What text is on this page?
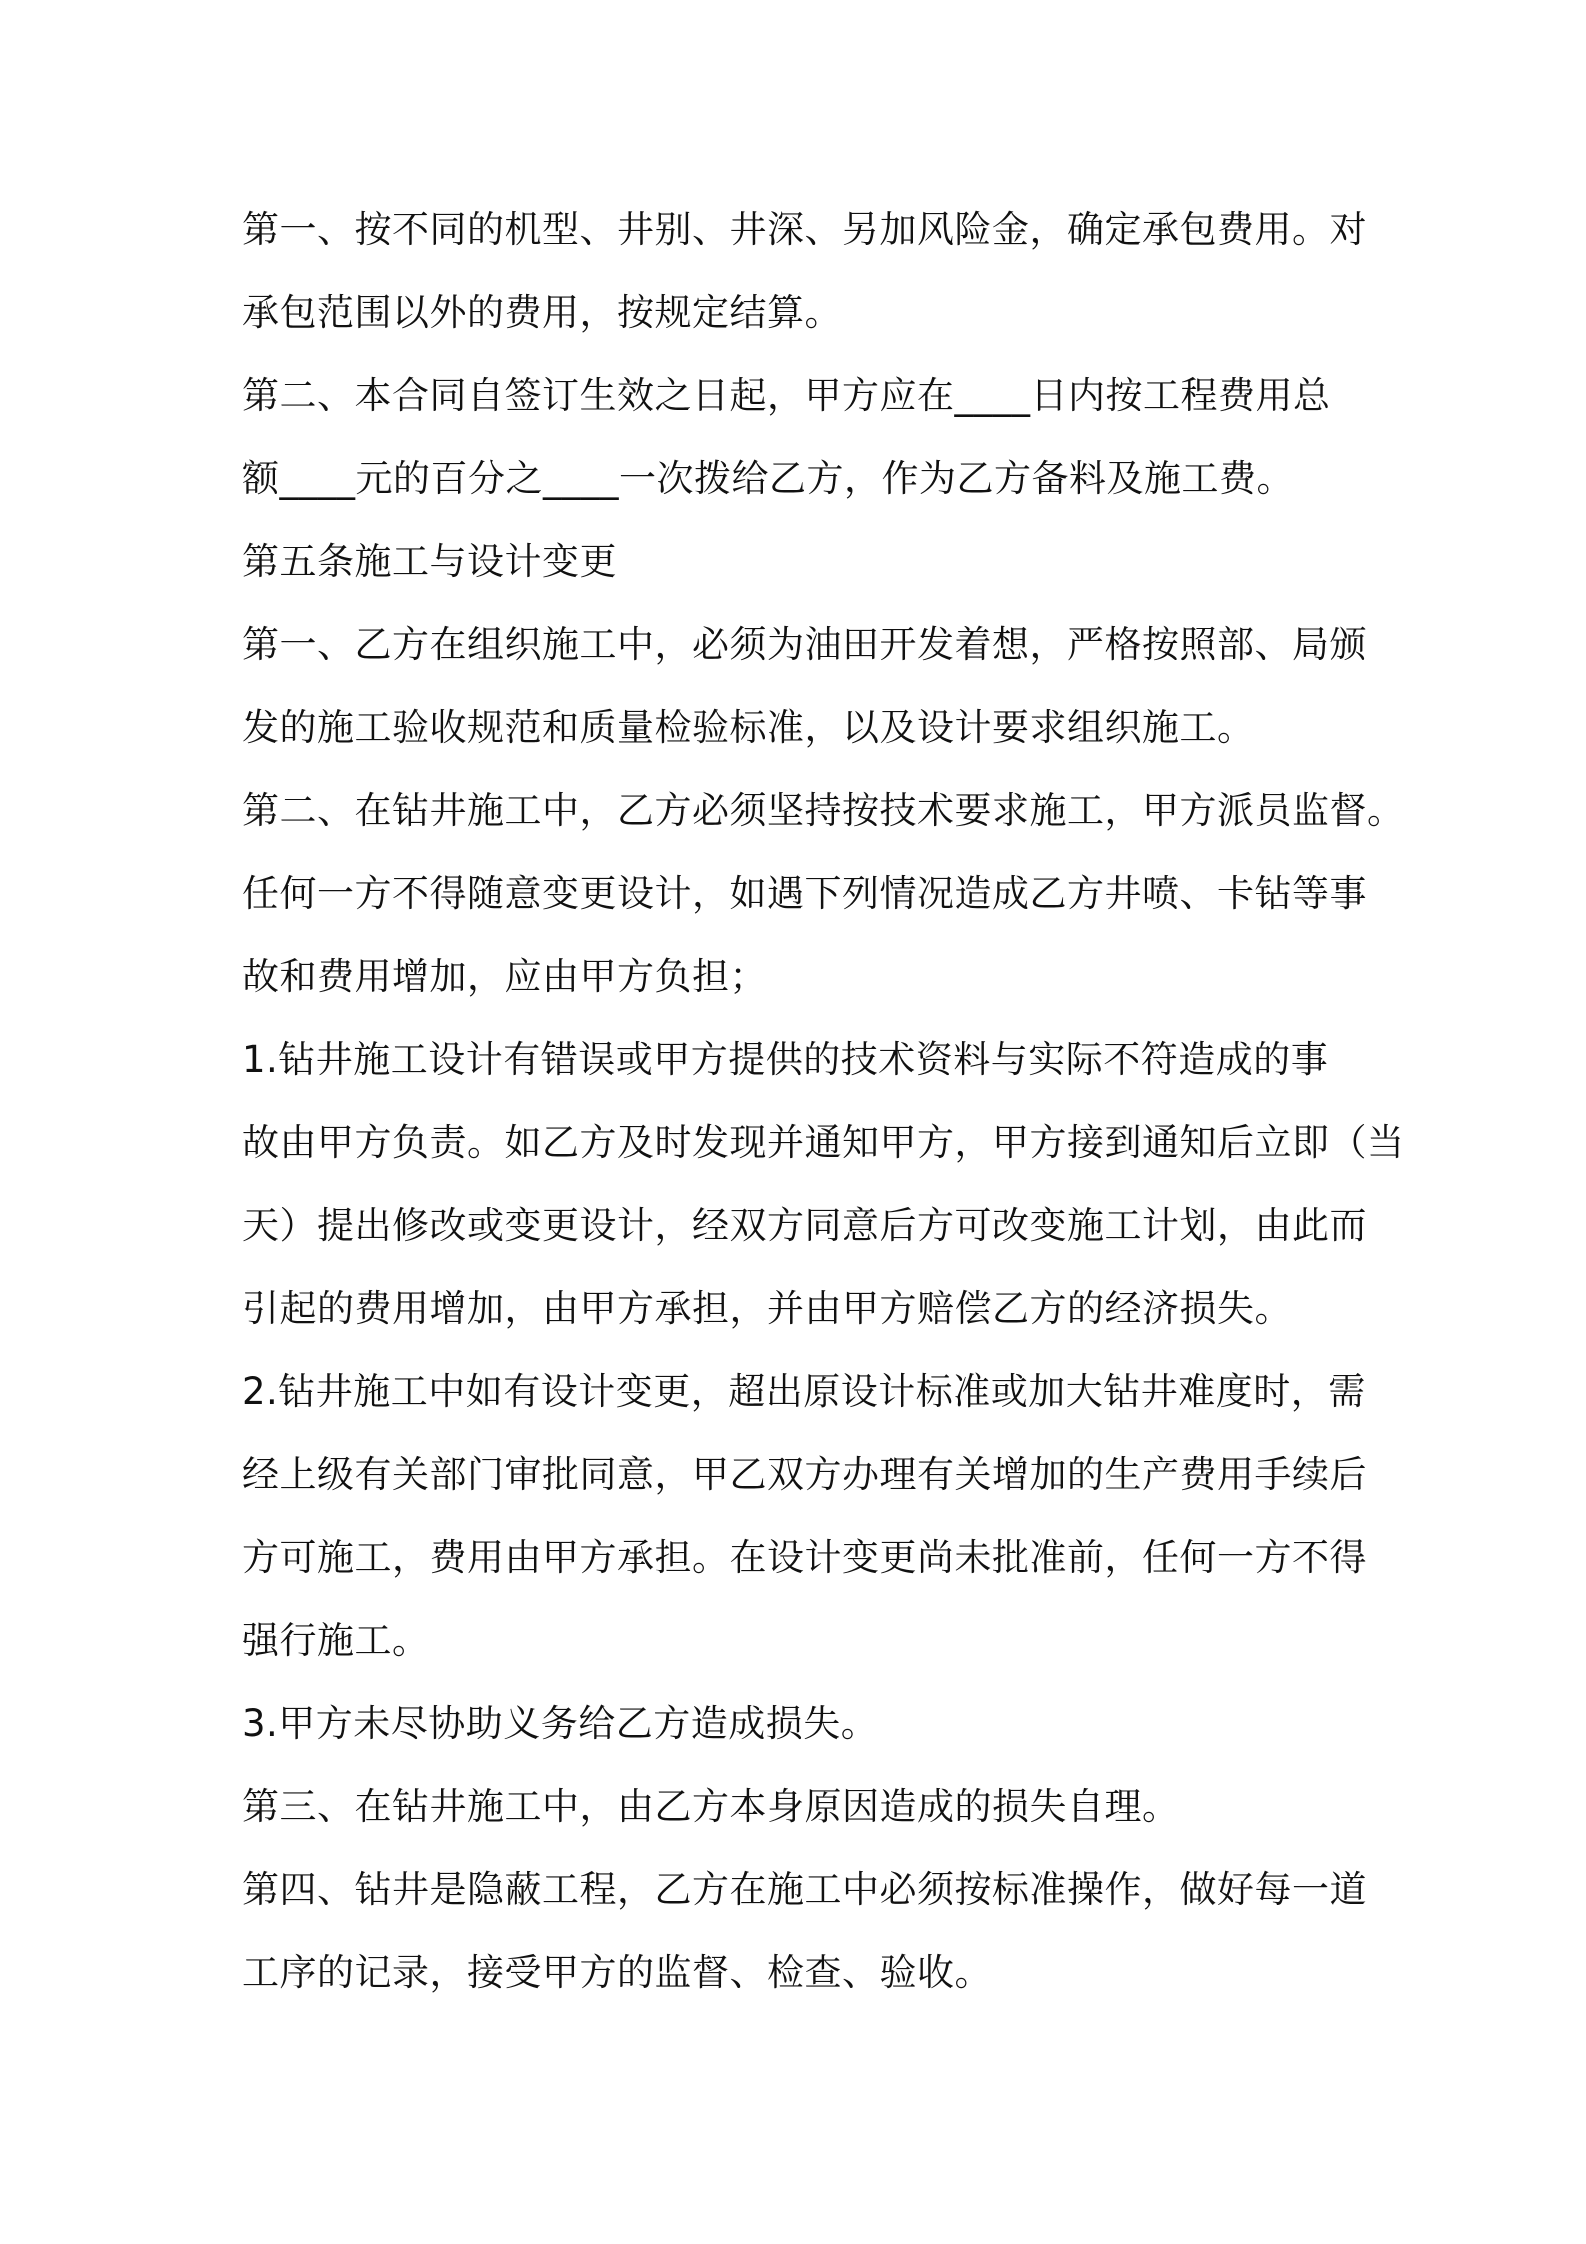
第一、按不同的机型、井别、井深、另加风险金，确定承包费用。对

承包范围以外的费用，按规定结算。

第二、本合同自签订生效之日起，甲方应在____日内按工程费用总

额____元的百分之____一次拨给乙方，作为乙方备料及施工费。

第五条施工与设计变更

第一、乙方在组织施工中，必须为油田开发着想，严格按照部、局颁

发的施工验收规范和质量检验标准，以及设计要求组织施工。

第二、在钻井施工中，乙方必须坚持按技术要求施工，甲方派员监督。

任何一方不得随意变更设计，如遇下列情况造成乙方井喷、卡钻等事

故和费用增加，应由甲方负担；

1.钻井施工设计有错误或甲方提供的技术资料与实际不符造成的事

故由甲方负责。如乙方及时发现并通知甲方，甲方接到通知后立即（当

天）提出修改或变更设计，经双方同意后方可改变施工计划，由此而

引起的费用增加，由甲方承担，并由甲方赔偿乙方的经济损失。

2.钻井施工中如有设计变更，超出原设计标准或加大钻井难度时，需

经上级有关部门审批同意，甲乙双方办理有关增加的生产费用手续后

方可施工，费用由甲方承担。在设计变更尚未批准前，任何一方不得

强行施工。

3.甲方未尽协助义务给乙方造成损失。

第三、在钻井施工中，由乙方本身原因造成的损失自理。

第四、钻井是隐蔽工程，乙方在施工中必须按标准操作，做好每一道

工序的记录，接受甲方的监督、检查、验收。
